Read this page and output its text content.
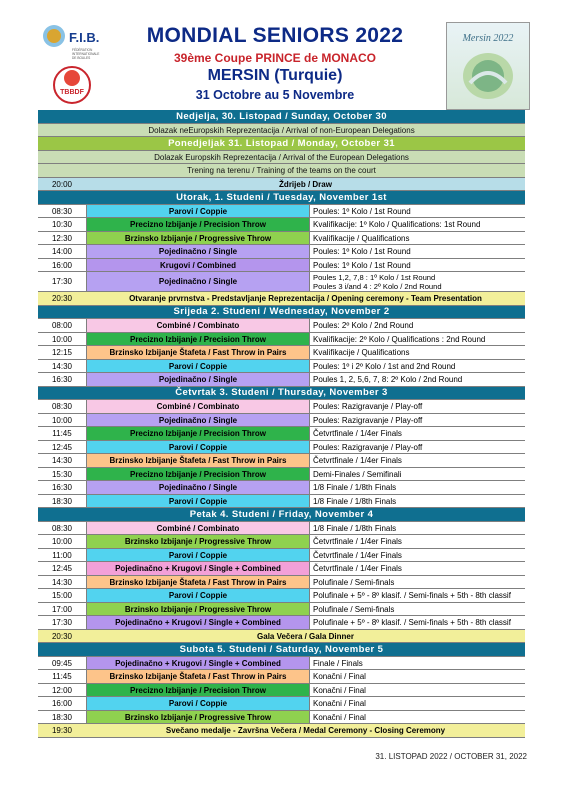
F.I.B.
FÉDÉRATION
INTERNATIONALE
DE BOULES
TBBDF
MONDIAL SENIORS 2022
39ème Coupe PRINCE de MONACO
MERSIN (Turquie)
31 Octobre au 5 Novembre
Mersin 2022
Nedjelja, 30. Listopad / Sunday, October 30
Dolazak neEuropskih Reprezentacija / Arrival of non-European Delegations
Ponedjeljak 31. Listopad / Monday, October 31
Dolazak Europskih Reprezentacija / Arrival of the European Delegations
Trening na terenu / Training of the teams on the court
20:00	Ždrijeb / Draw
Utorak, 1. Studeni / Tuesday, November 1st
08:30	Parovi / Coppie	Poules: 1º Kolo / 1st Round
10:30	Precizno Izbijanje / Precision Throw	Kvalifikacije: 1º Kolo / Qualifications: 1st Round
12:30	Brzinsko Izbijanje / Progressive Throw	Kvalifikacije / Qualifications
14:00	Pojedinačno / Single	Poules: 1º Kolo / 1st Round
16:00	Krugovi / Combined	Poules: 1º Kolo / 1st Round
17:30	Pojedinačno / Single	Poules 1,2, 7,8 : 1º Kolo / 1st Round
Poules 3 i/and 4 : 2º Kolo / 2nd Round
20:30	Otvaranje prvrnstva - Predstavljanje Reprezentacija / Opening ceremony - Team Presentation
Srijeda 2. Studeni / Wednesday, November 2
08:00	Combiné / Combinato	Poules: 2º Kolo / 2nd Round
10:00	Precizno Izbijanje / Precision Throw	Kvalifikacije: 2º Kolo / Qualifications : 2nd Round
12:15	Brzinsko Izbijanje Štafeta / Fast Throw in Pairs	Kvalifikacije / Qualifications
14:30	Parovi / Coppie	Poules: 1º i 2º Kolo / 1st and 2nd Round
16:30	Pojedinačno / Single	Poules 1, 2, 5,6, 7, 8: 2º Kolo / 2nd Round
Četvrtak 3. Studeni / Thursday, November 3
08:30	Combiné / Combinato	Poules: Razigravanje / Play-off
10:00	Pojedinačno / Single	Poules: Razigravanje / Play-off
11:45	Precizno Izbijanje / Precision Throw	Četvrtfinale / 1/4er Finals
12:45	Parovi / Coppie	Poules: Razigravanje / Play-off
14:30	Brzinsko Izbijanje Štafeta / Fast Throw in Pairs	Četvrtfinale / 1/4er Finals
15:30	Precizno Izbijanje / Precision Throw	Demi-Finales / Semifinali
16:30	Pojedinačno / Single	1/8 Finale / 1/8th Finals
18:30	Parovi / Coppie	1/8 Finale / 1/8th Finals
Petak 4. Studeni / Friday, November 4
08:30	Combiné / Combinato	1/8 Finale / 1/8th Finals
10:00	Brzinsko Izbijanje / Progressive Throw	Četvrtfinale / 1/4er Finals
11:00	Parovi / Coppie	Četvrtfinale / 1/4er Finals
12:45	Pojedinačno + Krugovi / Single + Combined	Četvrtfinale / 1/4er Finals
14:30	Brzinsko Izbijanje Štafeta / Fast Throw in Pairs	Polufinale / Semi-finals
15:00	Parovi / Coppie	Polufinale + 5º - 8º klasif. / Semi-finals + 5th - 8th classif
17:00	Brzinsko Izbijanje / Progressive Throw	Polufinale / Semi-finals
17:30	Pojedinačno + Krugovi / Single + Combined	Polufinale + 5º - 8º klasif. / Semi-finals + 5th - 8th classif
20:30	Gala Večera / Gala Dinner
Subota 5. Studeni / Saturday, November 5
09:45	Pojedinačno + Krugovi / Single + Combined	Finale / Finals
11:45	Brzinsko Izbijanje Štafeta / Fast Throw in Pairs	Konačni / Final
12:00	Precizno Izbijanje / Precision Throw	Konačni / Final
16:00	Parovi / Coppie	Konačni / Final
18:30	Brzinsko Izbijanje / Progressive Throw	Konačni / Final
19:30	Svečano medalje - Završna Večera / Medal Ceremony - Closing Ceremony
31. LISTOPAD 2022 / OCTOBER 31, 2022
